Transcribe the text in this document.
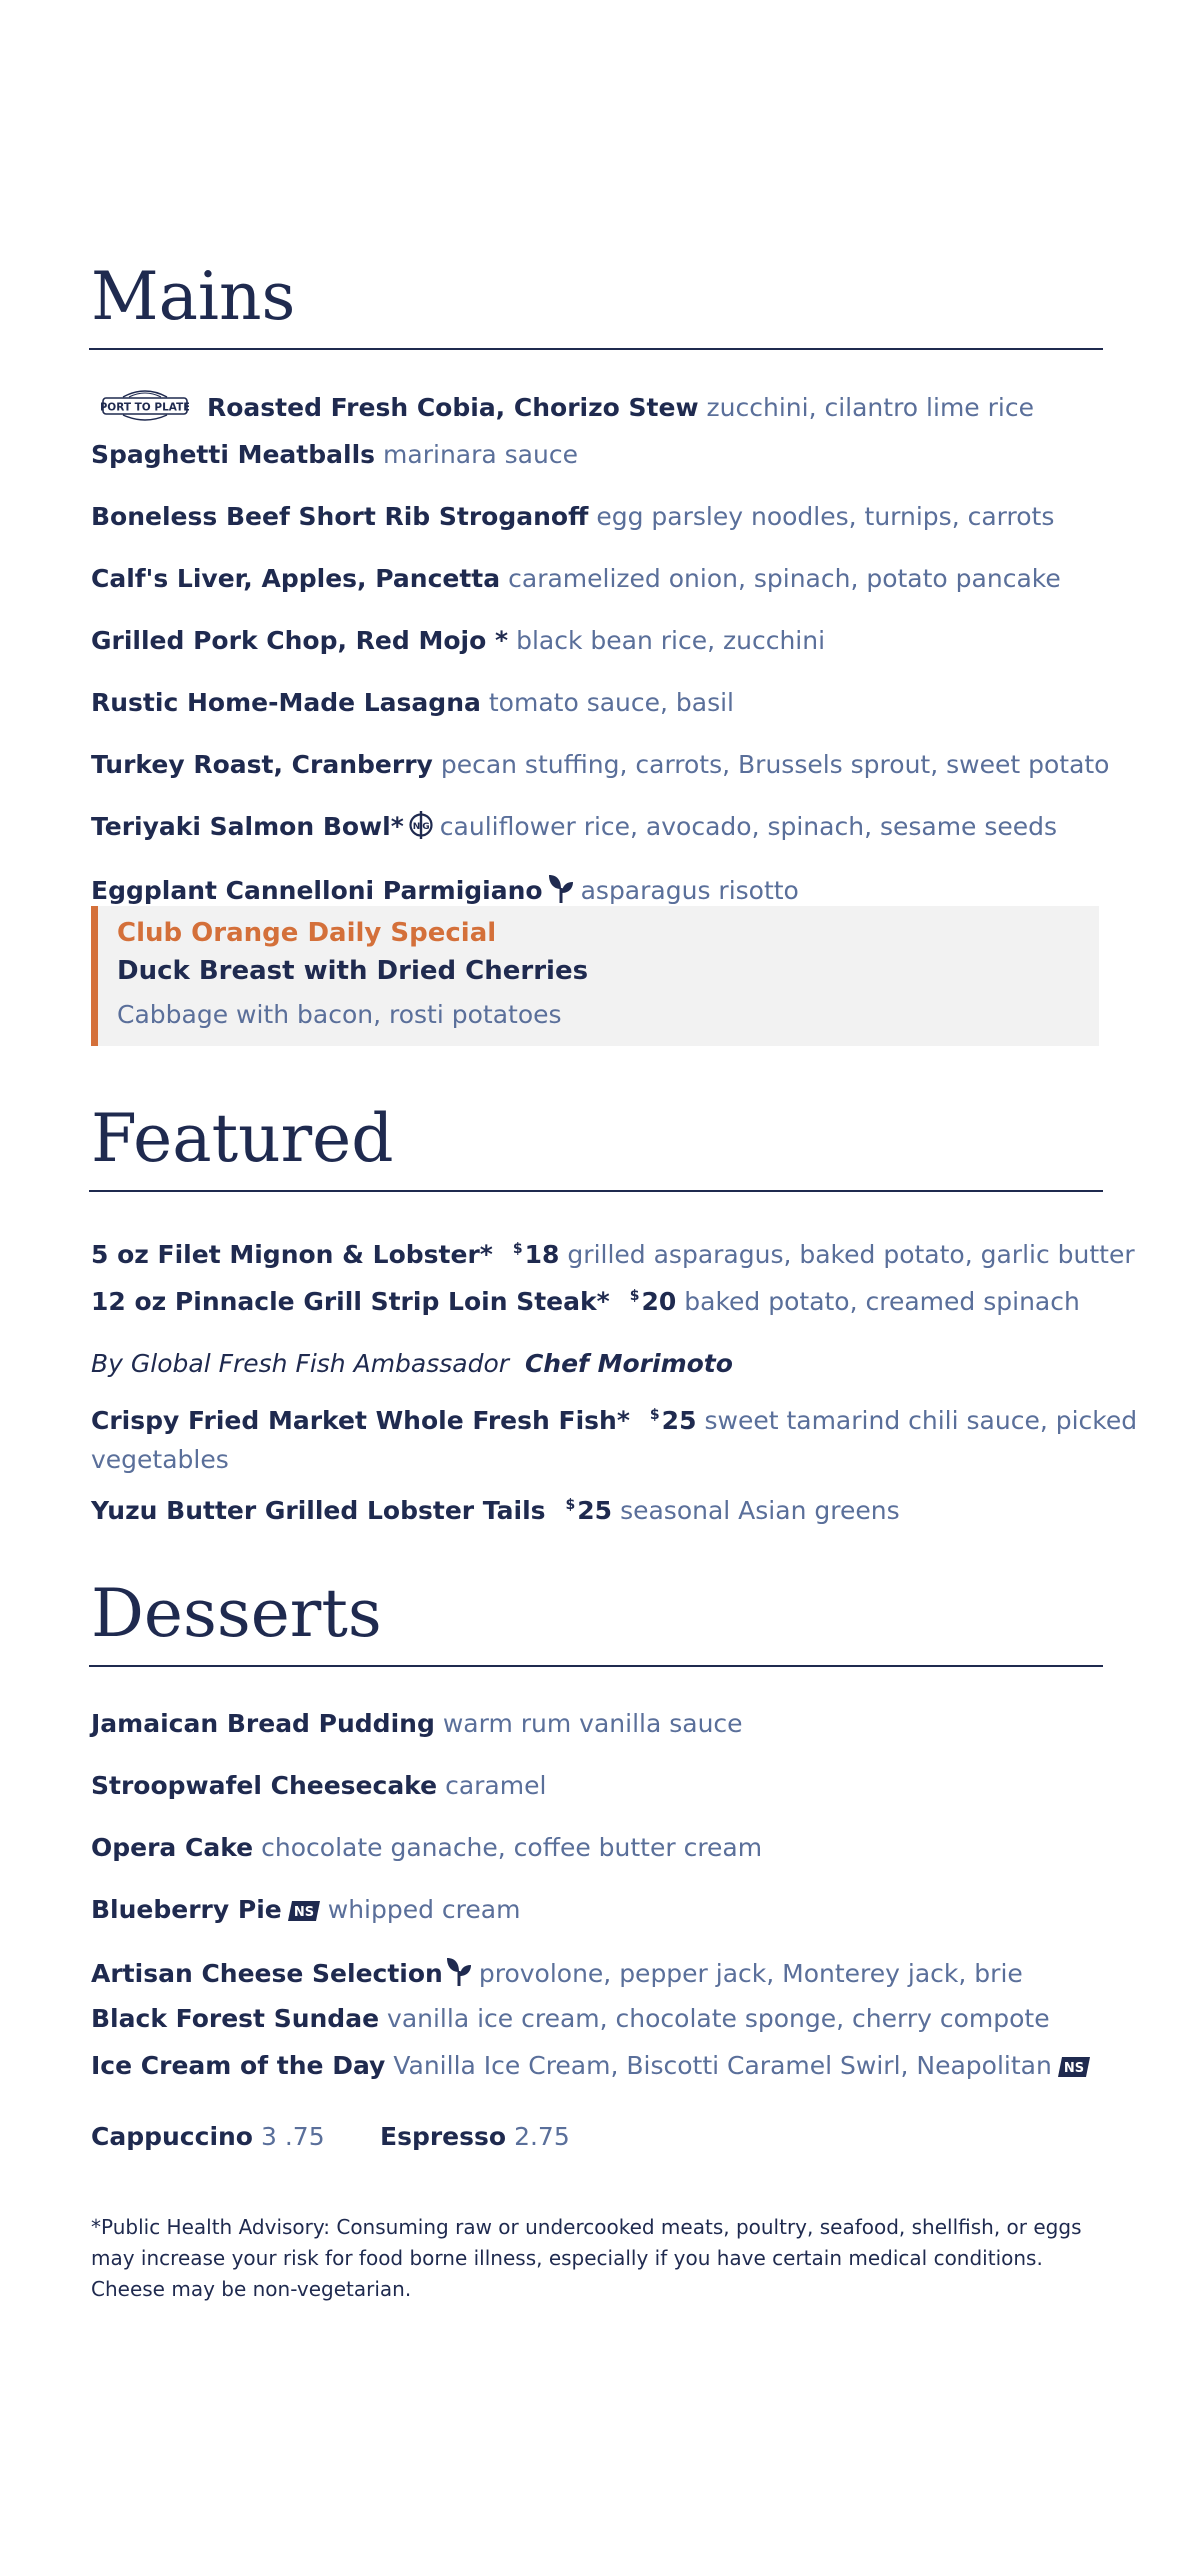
Mains
PORT TO PLATE Roasted Fresh Cobia, Chorizo Stew zucchini, cilantro lime rice
Spaghetti Meatballs marinara sauce
Boneless Beef Short Rib Stroganoff egg parsley noodles, turnips, carrots
Calf's Liver, Apples, Pancetta caramelized onion, spinach, potato pancake
Grilled Pork Chop, Red Mojo * black bean rice, zucchini
Rustic Home-Made Lasagna tomato sauce, basil
Turkey Roast, Cranberry pecan stuffing, carrots, Brussels sprout, sweet potato
Teriyaki Salmon Bowl* N G cauliflower rice, avocado, spinach, sesame seeds
Eggplant Cannelloni Parmigiano asparagus risotto
Club Orange Daily Special
Duck Breast with Dried Cherries
Cabbage with bacon, rosti potatoes
Featured
5 oz Filet Mignon & Lobster* $18 grilled asparagus, baked potato, garlic butter
12 oz Pinnacle Grill Strip Loin Steak* $20 baked potato, creamed spinach
By Global Fresh Fish Ambassador Chef Morimoto
Crispy Fried Market Whole Fresh Fish* $25 sweet tamarind chili sauce, picked
vegetables
Yuzu Butter Grilled Lobster Tails $25 seasonal Asian greens
Desserts
Jamaican Bread Pudding warm rum vanilla sauce
Stroopwafel Cheesecake caramel
Opera Cake chocolate ganache, coffee butter cream
Blueberry Pie NS whipped cream
Artisan Cheese Selection provolone, pepper jack, Monterey jack, brie
Black Forest Sundae vanilla ice cream, chocolate sponge, cherry compote
Ice Cream of the Day Vanilla Ice Cream, Biscotti Caramel Swirl, Neapolitan NS
Cappuccino 3 .75 Espresso 2.75
*Public Health Advisory: Consuming raw or undercooked meats, poultry, seafood, shellfish, or eggs
may increase your risk for food borne illness, especially if you have certain medical conditions.
Cheese may be non-vegetarian.
